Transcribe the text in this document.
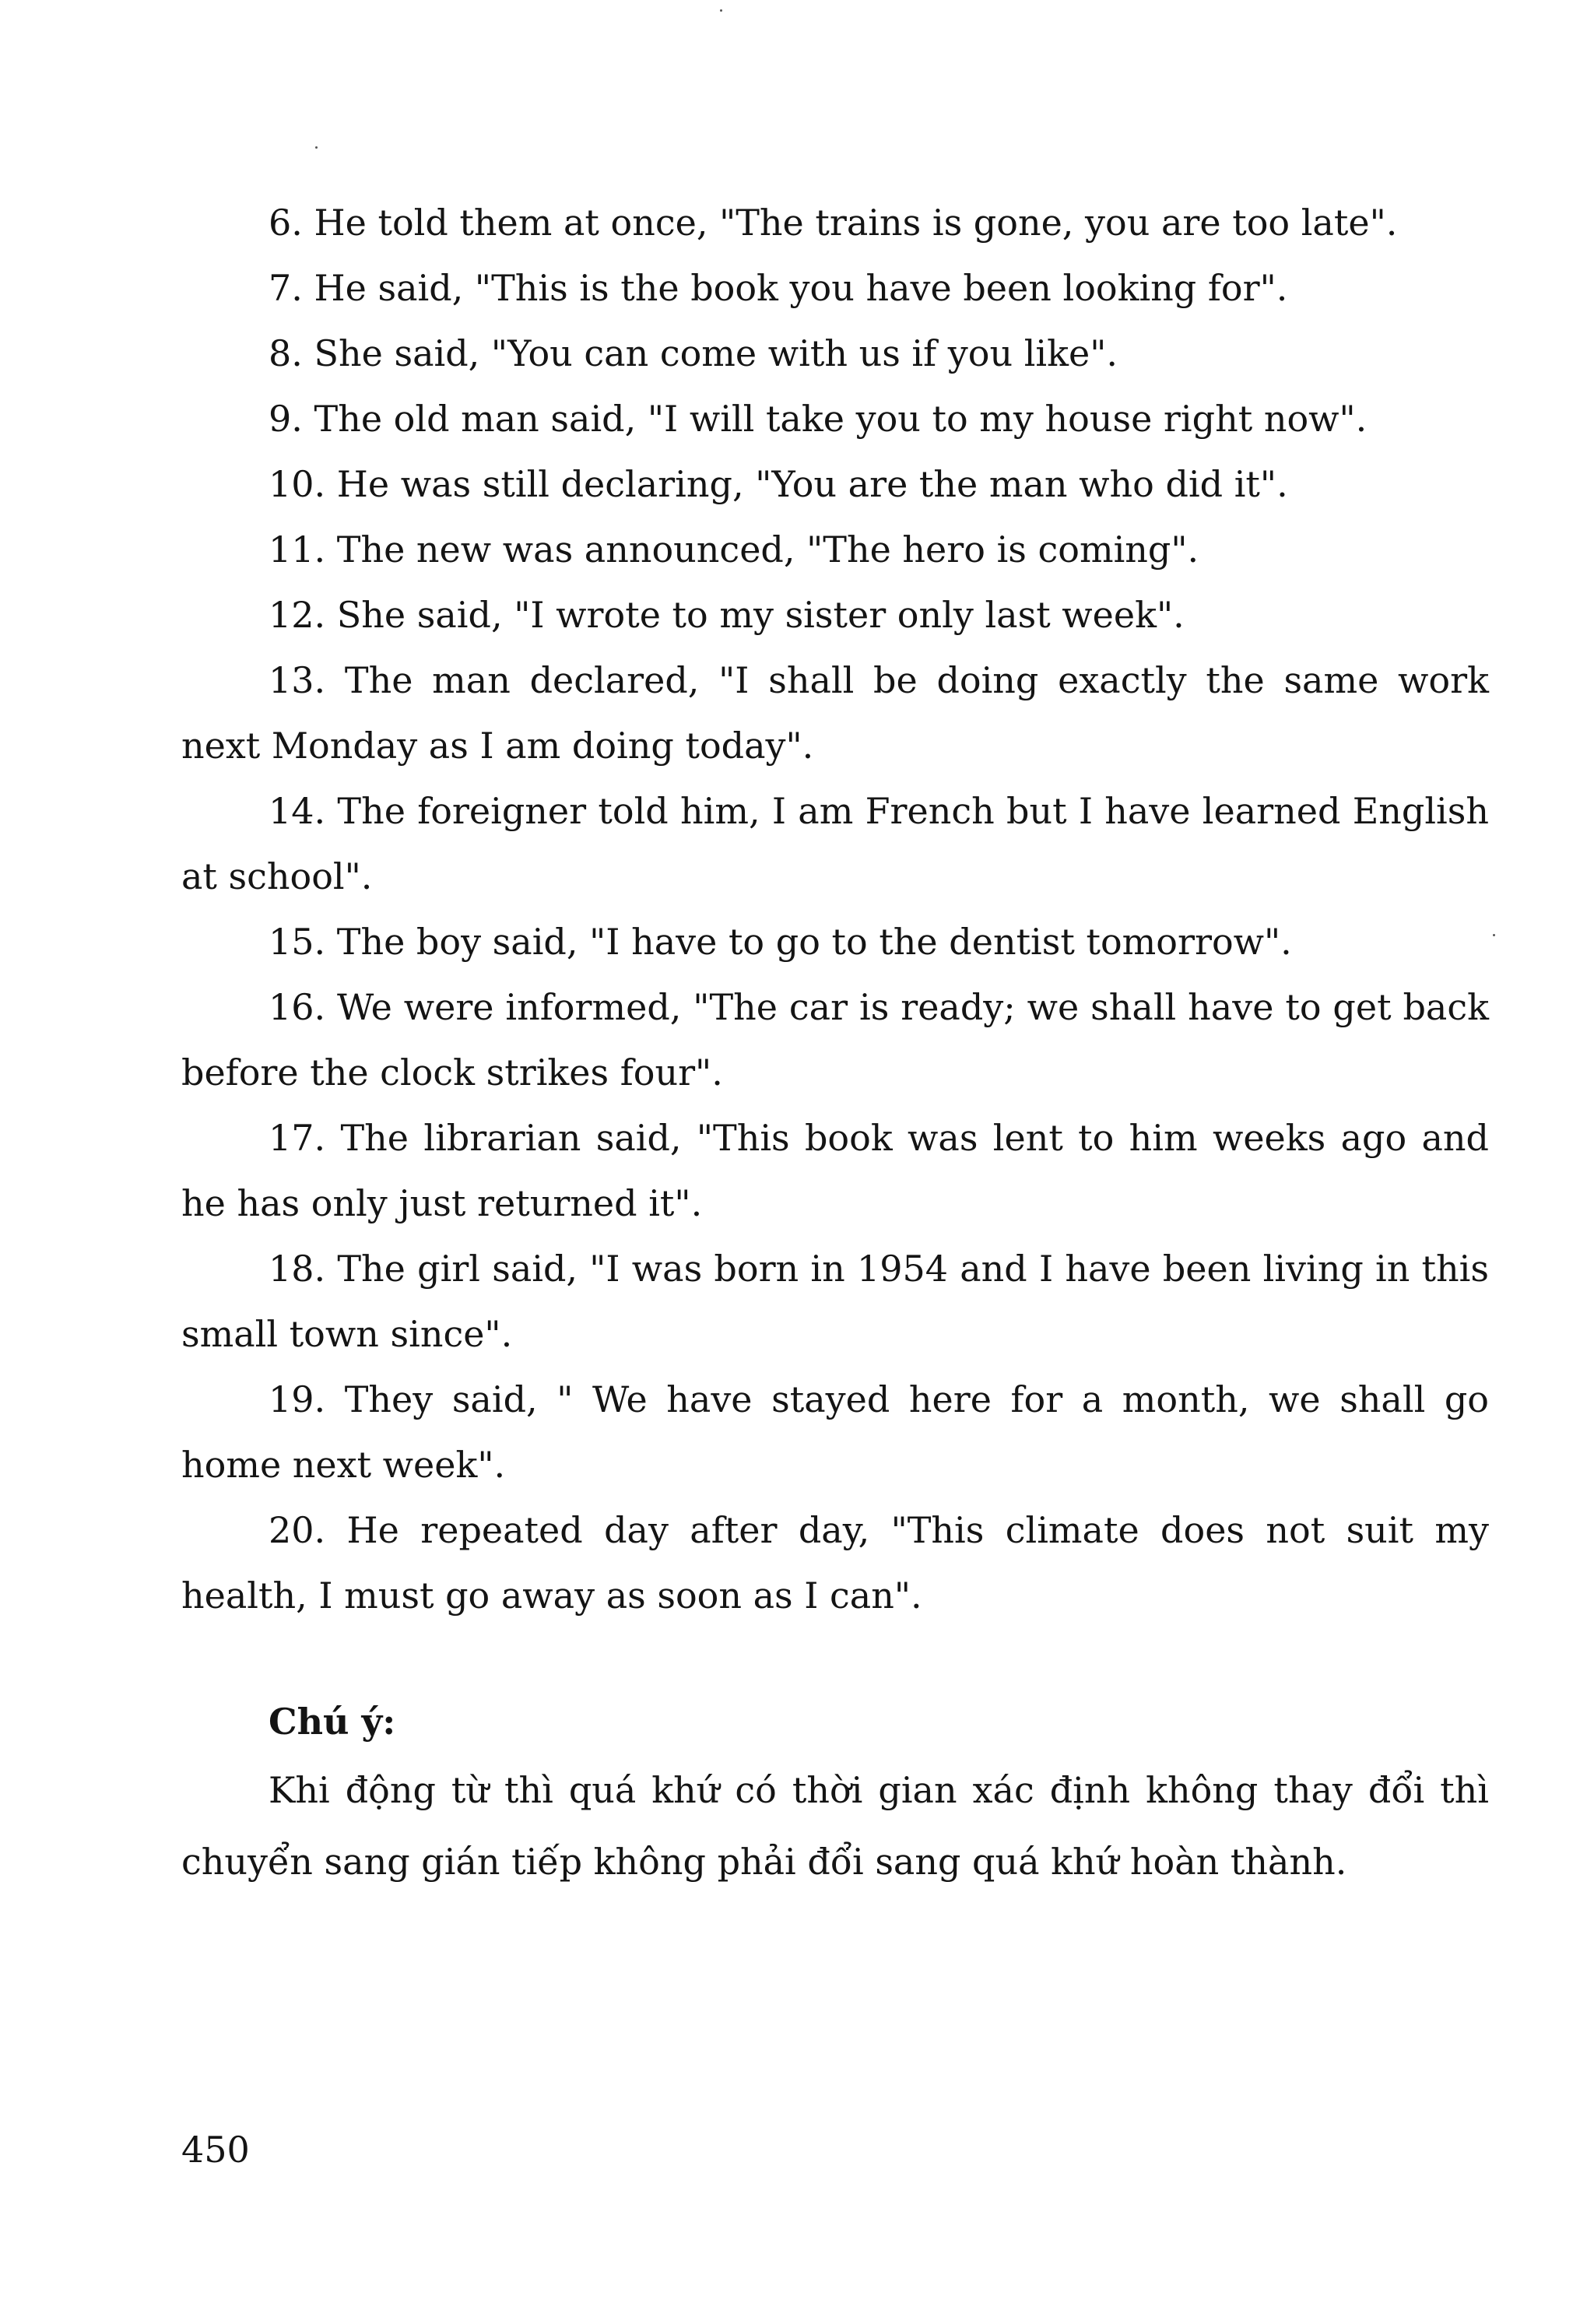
6. He told them at once, "The trains is gone, you are too late".

7. He said, "This is the book you have been looking for".

8. She said, "You can come with us if you like".

9. The old man said, "I will take you to my house right now".

10. He was still declaring, "You are the man who did it".

11. The new was announced, "The hero is coming".

12. She said, "I wrote to my sister only last week".

13. The man declared, "I shall be doing exactly the same work next Monday as I am doing today".

14. The foreigner told him, I am French but I have learned English at school".

15. The boy said, "I have to go to the dentist tomorrow".

16. We were informed, "The car is ready; we shall have to get back before the clock strikes four".

17. The librarian said, "This book was lent to him weeks ago and he has only just returned it".

18. The girl said, "I was born in 1954 and I have been living in this small town since".

19. They said, " We have stayed here for a month, we shall go home next week".

20. He repeated day after day, "This climate does not suit my health, I must go away as soon as I can".

Chú ý:

Khi động từ thì quá khứ có thời gian xác định không thay đổi thì chuyển sang gián tiếp không phải đổi sang quá khứ hoàn thành.

450
